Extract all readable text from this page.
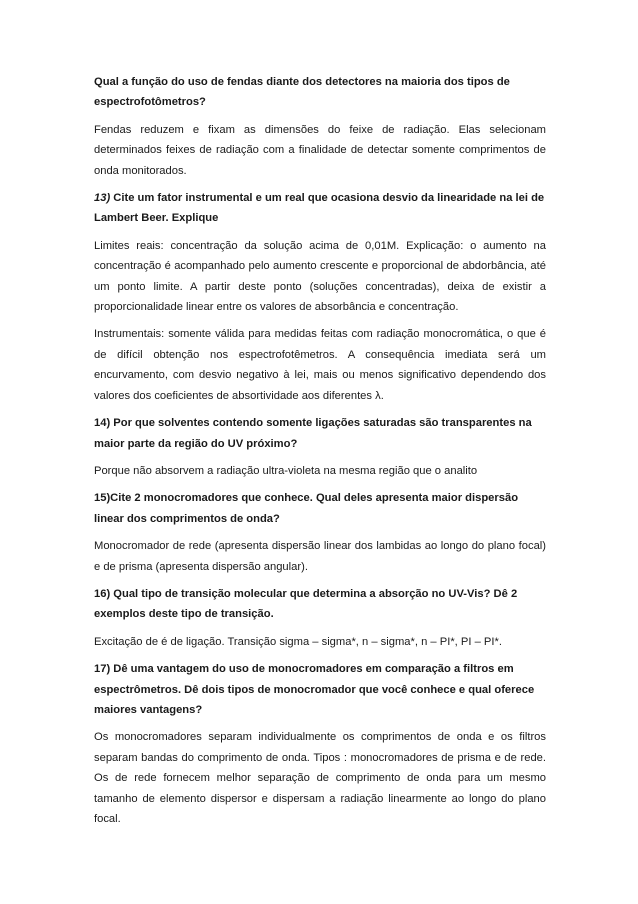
Qual a função do uso de fendas diante dos detectores na maioria dos tipos de espectrofotômetros?

Fendas reduzem e fixam as dimensões do feixe de radiação. Elas selecionam determinados feixes de radiação com a finalidade de detectar somente comprimentos de onda monitorados.

13) Cite um fator instrumental e um real que ocasiona desvio da linearidade na lei de Lambert Beer. Explique

Limites reais: concentração da solução acima de 0,01M. Explicação: o aumento na concentração é acompanhado pelo aumento crescente e proporcional de abdorbância, até um ponto limite. A partir deste ponto (soluções concentradas), deixa de existir a proporcionalidade linear entre os valores de absorbância e concentração.

Instrumentais: somente válida para medidas feitas com radiação monocromática, o que é de difícil obtenção nos espectrofotêmetros. A consequência imediata será um encurvamento, com desvio negativo à lei, mais ou menos significativo dependendo dos valores dos coeficientes de absortividade aos diferentes λ.

14) Por que solventes contendo somente ligações saturadas são transparentes na maior parte da região do UV próximo?

Porque não absorvem a radiação ultra-violeta na mesma região que o analito

15)Cite 2 monocromadores que conhece. Qual deles apresenta maior dispersão linear dos comprimentos de onda?

Monocromador de rede (apresenta dispersão linear dos lambidas ao longo do plano focal) e de prisma (apresenta dispersão angular).

16) Qual tipo de transição molecular que determina a absorção no UV-Vis? Dê 2 exemplos deste tipo de transição.

Excitação de é de ligação. Transição sigma – sigma*, n – sigma*, n – PI*, PI – PI*.

17) Dê uma vantagem do uso de monocromadores em comparação a filtros em espectrômetros. Dê dois tipos de monocromador que você conhece e qual oferece maiores vantagens?

Os monocromadores separam individualmente os comprimentos de onda e os filtros separam bandas do comprimento de onda. Tipos : monocromadores de prisma e de rede. Os de rede fornecem melhor separação de comprimento de onda para um mesmo tamanho de elemento dispersor e dispersam a radiação linearmente ao longo do plano focal.
